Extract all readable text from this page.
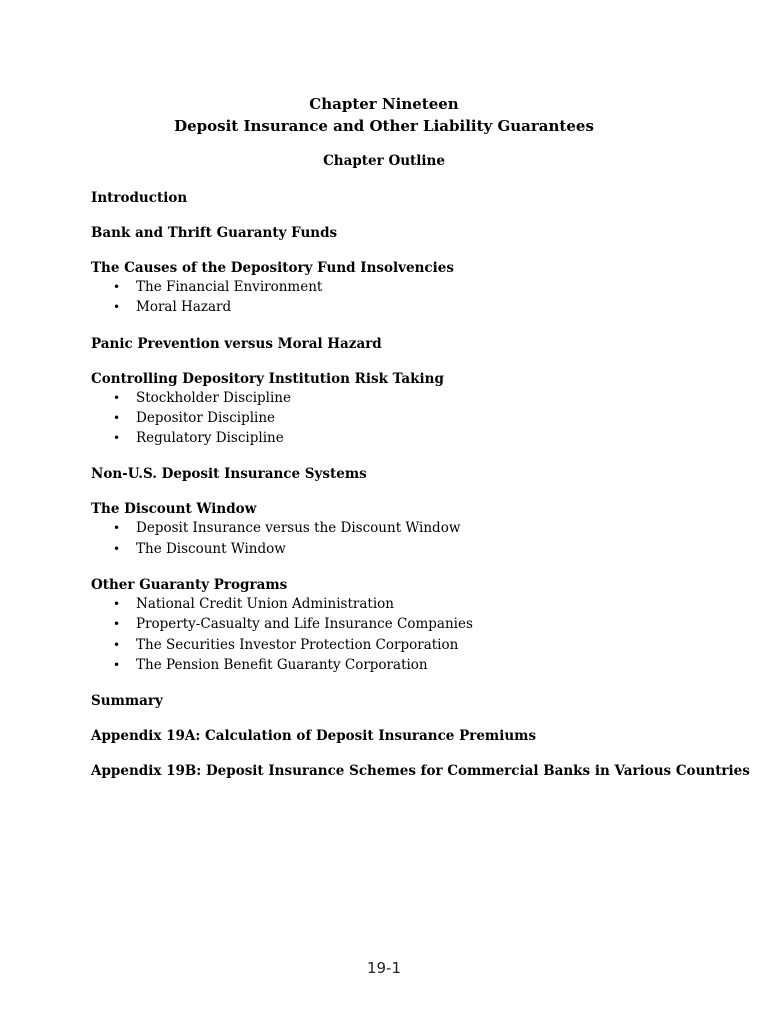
Chapter Nineteen
Deposit Insurance and Other Liability Guarantees
Chapter Outline
Introduction
Bank and Thrift Guaranty Funds
The Causes of the Depository Fund Insolvencies
• The Financial Environment
• Moral Hazard
Panic Prevention versus Moral Hazard
Controlling Depository Institution Risk Taking
• Stockholder Discipline
• Depositor Discipline
• Regulatory Discipline
Non-U.S. Deposit Insurance Systems
The Discount Window
• Deposit Insurance versus the Discount Window
• The Discount Window
Other Guaranty Programs
• National Credit Union Administration
• Property-Casualty and Life Insurance Companies
• The Securities Investor Protection Corporation
• The Pension Benefit Guaranty Corporation
Summary
Appendix 19A: Calculation of Deposit Insurance Premiums
Appendix 19B: Deposit Insurance Schemes for Commercial Banks in Various Countries
19-1
